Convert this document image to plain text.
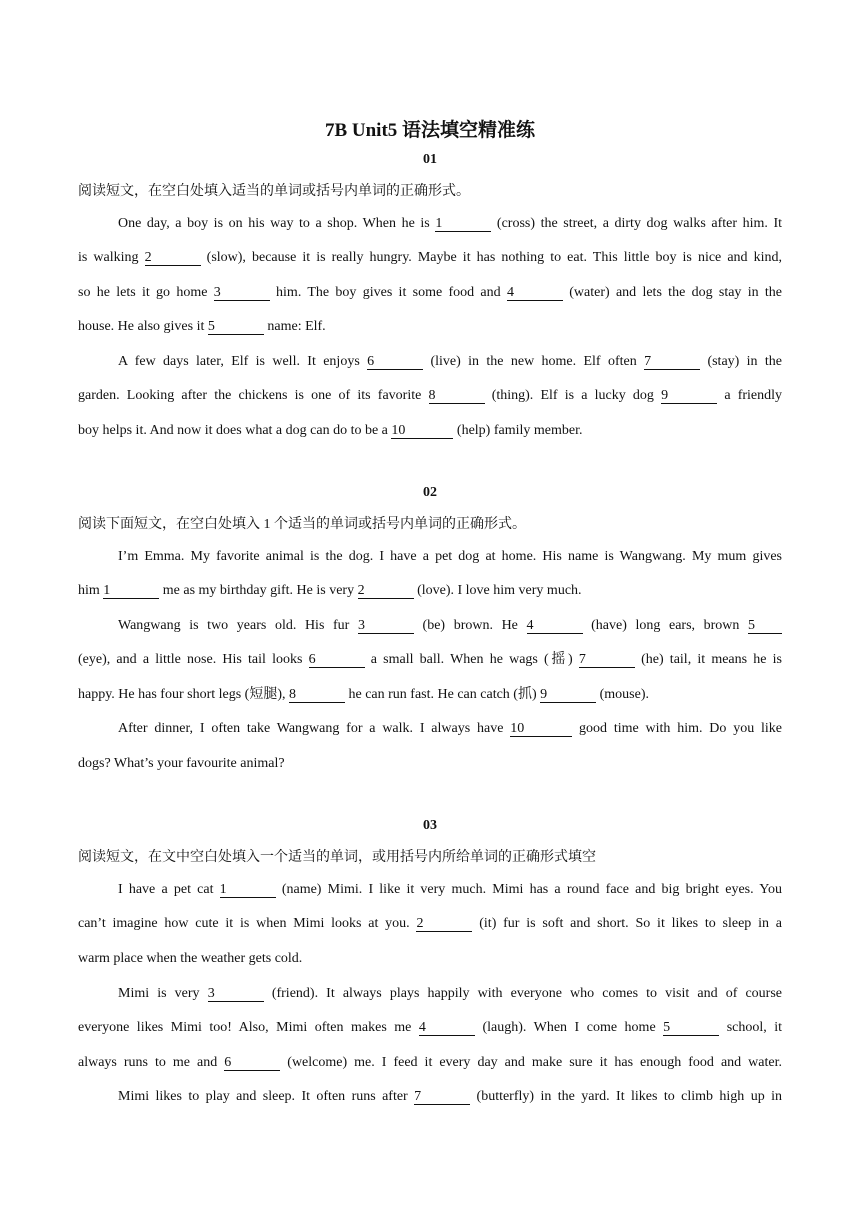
7B Unit5 语法填空精准练
01
阅读短文，在空白处填入适当的单词或括号内单词的正确形式。
One day, a boy is on his way to a shop. When he is 1	(cross) the street, a dirty dog walks after him. It
is walking 2	(slow), because it is really hungry. Maybe it has nothing to eat. This little boy is nice and kind,
so he lets it go home 3	him. The boy gives it some food and 4	(water) and lets the dog stay in the
house. He also gives it 5	name: Elf.
A few days later, Elf is well. It enjoys 6	(live) in the new home. Elf often 7	(stay) in the
garden. Looking after the chickens is one of its favorite 8	(thing). Elf is a lucky dog 9	a friendly
boy helps it. And now it does what a dog can do to be a 10	(help) family member.
02
阅读下面短文，在空白处填入 1 个适当的单词或括号内单词的正确形式。
I’m Emma. My favorite animal is the dog. I have a pet dog at home. His name is Wangwang. My mum gives
him 1	me as my birthday gift. He is very 2	(love). I love him very much.
Wangwang is two years old. His fur 3	(be) brown. He 4	(have) long ears, brown 5
(eye), and a little nose. His tail looks 6	a small ball. When he wags (摇) 7	(he) tail, it means he is
happy. He has four short legs (短腿), 8	he can run fast. He can catch (抓) 9	(mouse).
After dinner, I often take Wangwang for a walk. I always have 10	good time with him. Do you like
dogs? What’s your favourite animal?
03
阅读短文，在文中空白处填入一个适当的单词，或用括号内所给单词的正确形式填空
I have a pet cat 1	(name) Mimi. I like it very much. Mimi has a round face and big bright eyes. You
can’t imagine how cute it is when Mimi looks at you. 2	(it) fur is soft and short. So it likes to sleep in a
warm place when the weather gets cold.
Mimi is very 3	(friend). It always plays happily with everyone who comes to visit and of course
everyone likes Mimi too! Also, Mimi often makes me 4	(laugh). When I come home 5	school, it
always runs to me and 6	(welcome) me. I feed it every day and make sure it has enough food and water.
Mimi likes to play and sleep. It often runs after 7	(butterfly) in the yard. It likes to climb high up in
